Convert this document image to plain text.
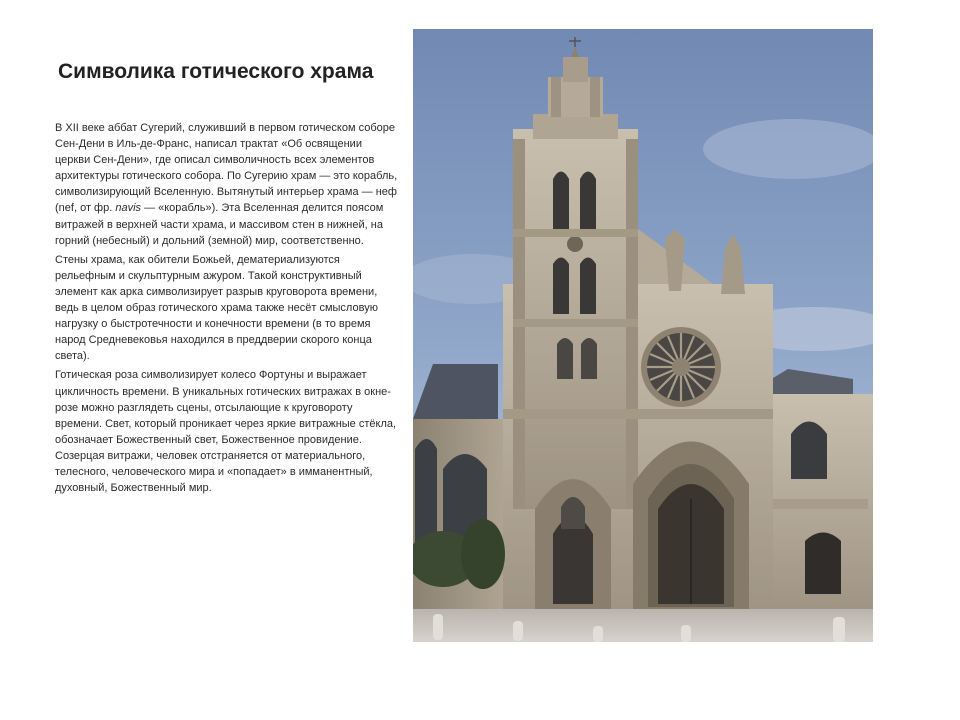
Символика готического храма

В XII веке аббат Сугерий, служивший в первом готическом соборе Сен-Дени в Иль-де-Франс, написал трактат «Об освящении церкви Сен-Дени», где описал символичность всех элементов архитектуры готического собора. По Сугерию храм — это корабль, символизирующий Вселенную. Вытянутый интерьер храма — неф (nef, от фр. navis — «корабль»). Эта Вселенная делится поясом витражей в верхней части храма, и массивом стен в нижней, на горний (небесный) и дольний (земной) мир, соответственно.

Стены храма, как обители Божьей, дематериализуются рельефным и скульптурным ажуром. Такой конструктивный элемент как арка символизирует разрыв круговорота времени, ведь в целом образ готического храма также несёт смысловую нагрузку о быстротечности и конечности времени (в то время народ Средневековья находился в преддверии скорого конца света).

Готическая роза символизирует колесо Фортуны и выражает цикличность времени. В уникальных готических витражах в окне-розе можно разглядеть сцены, отсылающие к круговороту времени. Свет, который проникает через яркие витражные стёкла, обозначает Божественный свет, Божественное провидение. Созерцая витражи, человек отстраняется от материального, телесного, человеческого мира и «попадает» в имманентный, духовный, Божественный мир.
